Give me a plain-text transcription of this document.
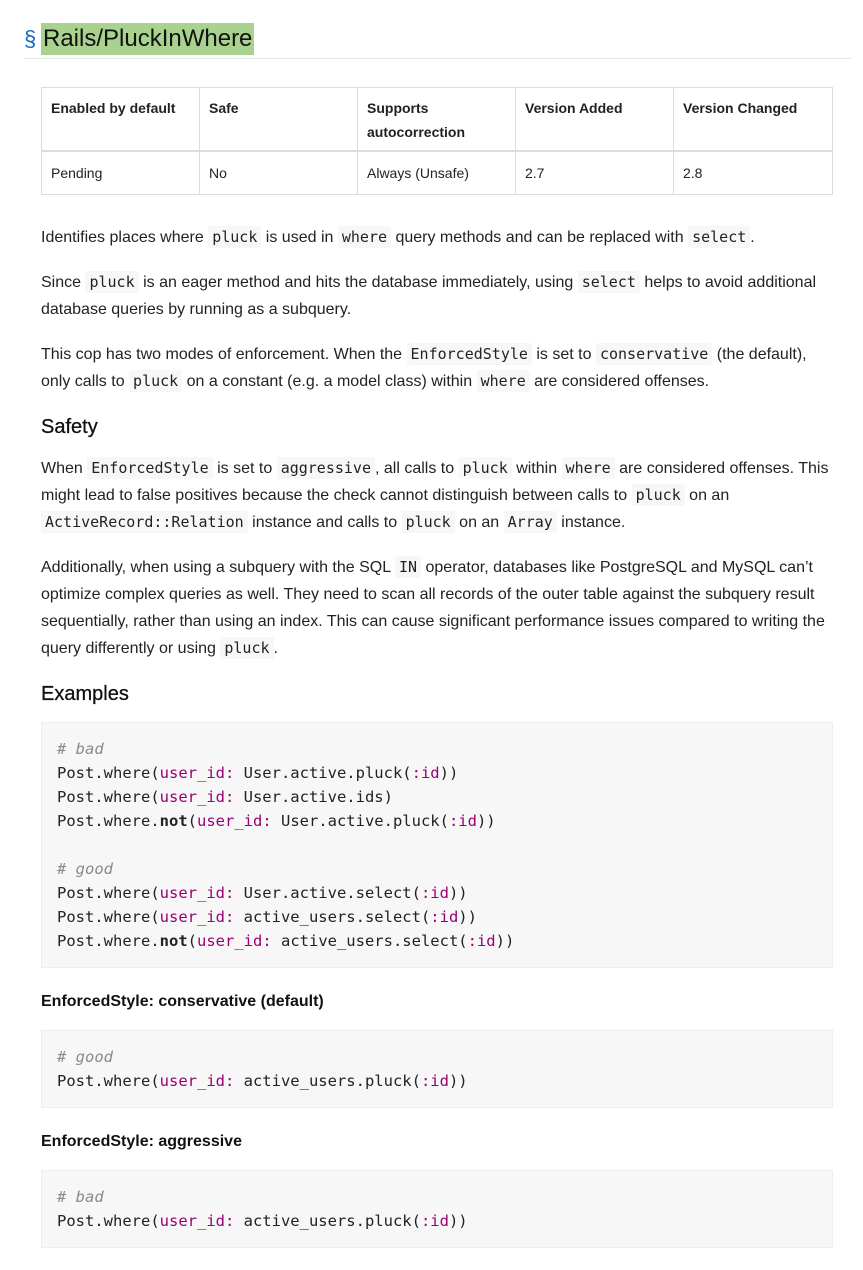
§ Rails/PluckInWhere
Enabled by default	Safe	Supports autocorrection	Version Added	Version Changed
Pending	No	Always (Unsafe)	2.7	2.8

Identifies places where pluck is used in where query methods and can be replaced with select .

Since pluck is an eager method and hits the database immediately, using select helps to avoid additional database queries by running as a subquery.

This cop has two modes of enforcement. When the EnforcedStyle is set to conservative (the default), only calls to pluck on a constant (e.g. a model class) within where are considered offenses.

Safety

When EnforcedStyle is set to aggressive , all calls to pluck within where are considered offenses. This might lead to false positives because the check cannot distinguish between calls to pluck on an ActiveRecord::Relation instance and calls to pluck on an Array instance.

Additionally, when using a subquery with the SQL IN operator, databases like PostgreSQL and MySQL can’t optimize complex queries as well. They need to scan all records of the outer table against the subquery result sequentially, rather than using an index. This can cause significant performance issues compared to writing the query differently or using pluck .

Examples
# bad
Post.where(user_id: User.active.pluck(:id))
Post.where(user_id: User.active.ids)
Post.where.not(user_id: User.active.pluck(:id))
# good
Post.where(user_id: User.active.select(:id))
Post.where(user_id: active_users.select(:id))
Post.where.not(user_id: active_users.select(:id))
EnforcedStyle: conservative (default)
# good
Post.where(user_id: active_users.pluck(:id))
EnforcedStyle: aggressive
# bad
Post.where(user_id: active_users.pluck(:id))
